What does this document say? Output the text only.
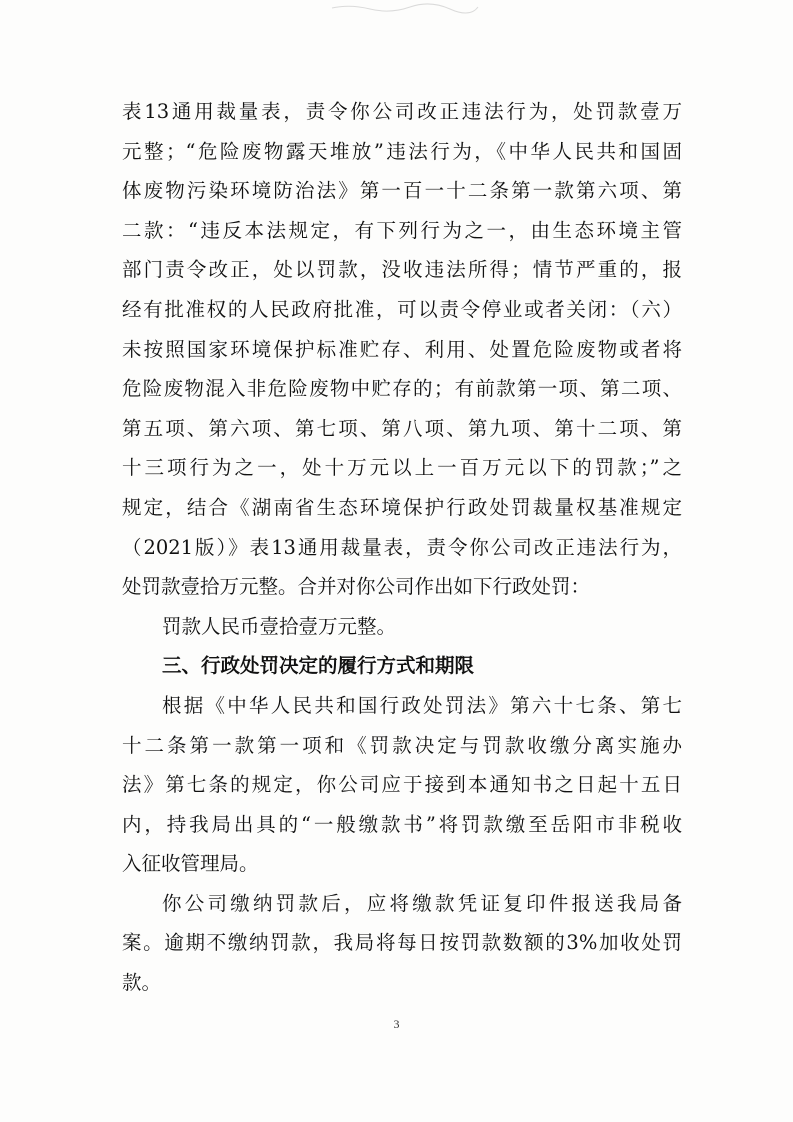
表13通用裁量表，责令你公司改正违法行为，处罚款壹万
元整；“危险废物露天堆放”违法行为，《中华人民共和国固
体废物污染环境防治法》第一百一十二条第一款第六项、第
二款：“违反本法规定，有下列行为之一，由生态环境主管
部门责令改正，处以罚款，没收违法所得；情节严重的，报
经有批准权的人民政府批准，可以责令停业或者关闭：（六）
未按照国家环境保护标准贮存、利用、处置危险废物或者将
危险废物混入非危险废物中贮存的；有前款第一项、第二项、
第五项、第六项、第七项、第八项、第九项、第十二项、第
十三项行为之一，处十万元以上一百万元以下的罚款；”之
规定，结合《湖南省生态环境保护行政处罚裁量权基准规定
（2021版）》表13通用裁量表，责令你公司改正违法行为，
处罚款壹拾万元整。合并对你公司作出如下行政处罚：
罚款人民币壹拾壹万元整。
三、行政处罚决定的履行方式和期限
根据《中华人民共和国行政处罚法》第六十七条、第七
十二条第一款第一项和《罚款决定与罚款收缴分离实施办
法》第七条的规定，你公司应于接到本通知书之日起十五日
内，持我局出具的“一般缴款书”将罚款缴至岳阳市非税收
入征收管理局。
你公司缴纳罚款后，应将缴款凭证复印件报送我局备
案。逾期不缴纳罚款，我局将每日按罚款数额的3%加收处罚
款。
3
